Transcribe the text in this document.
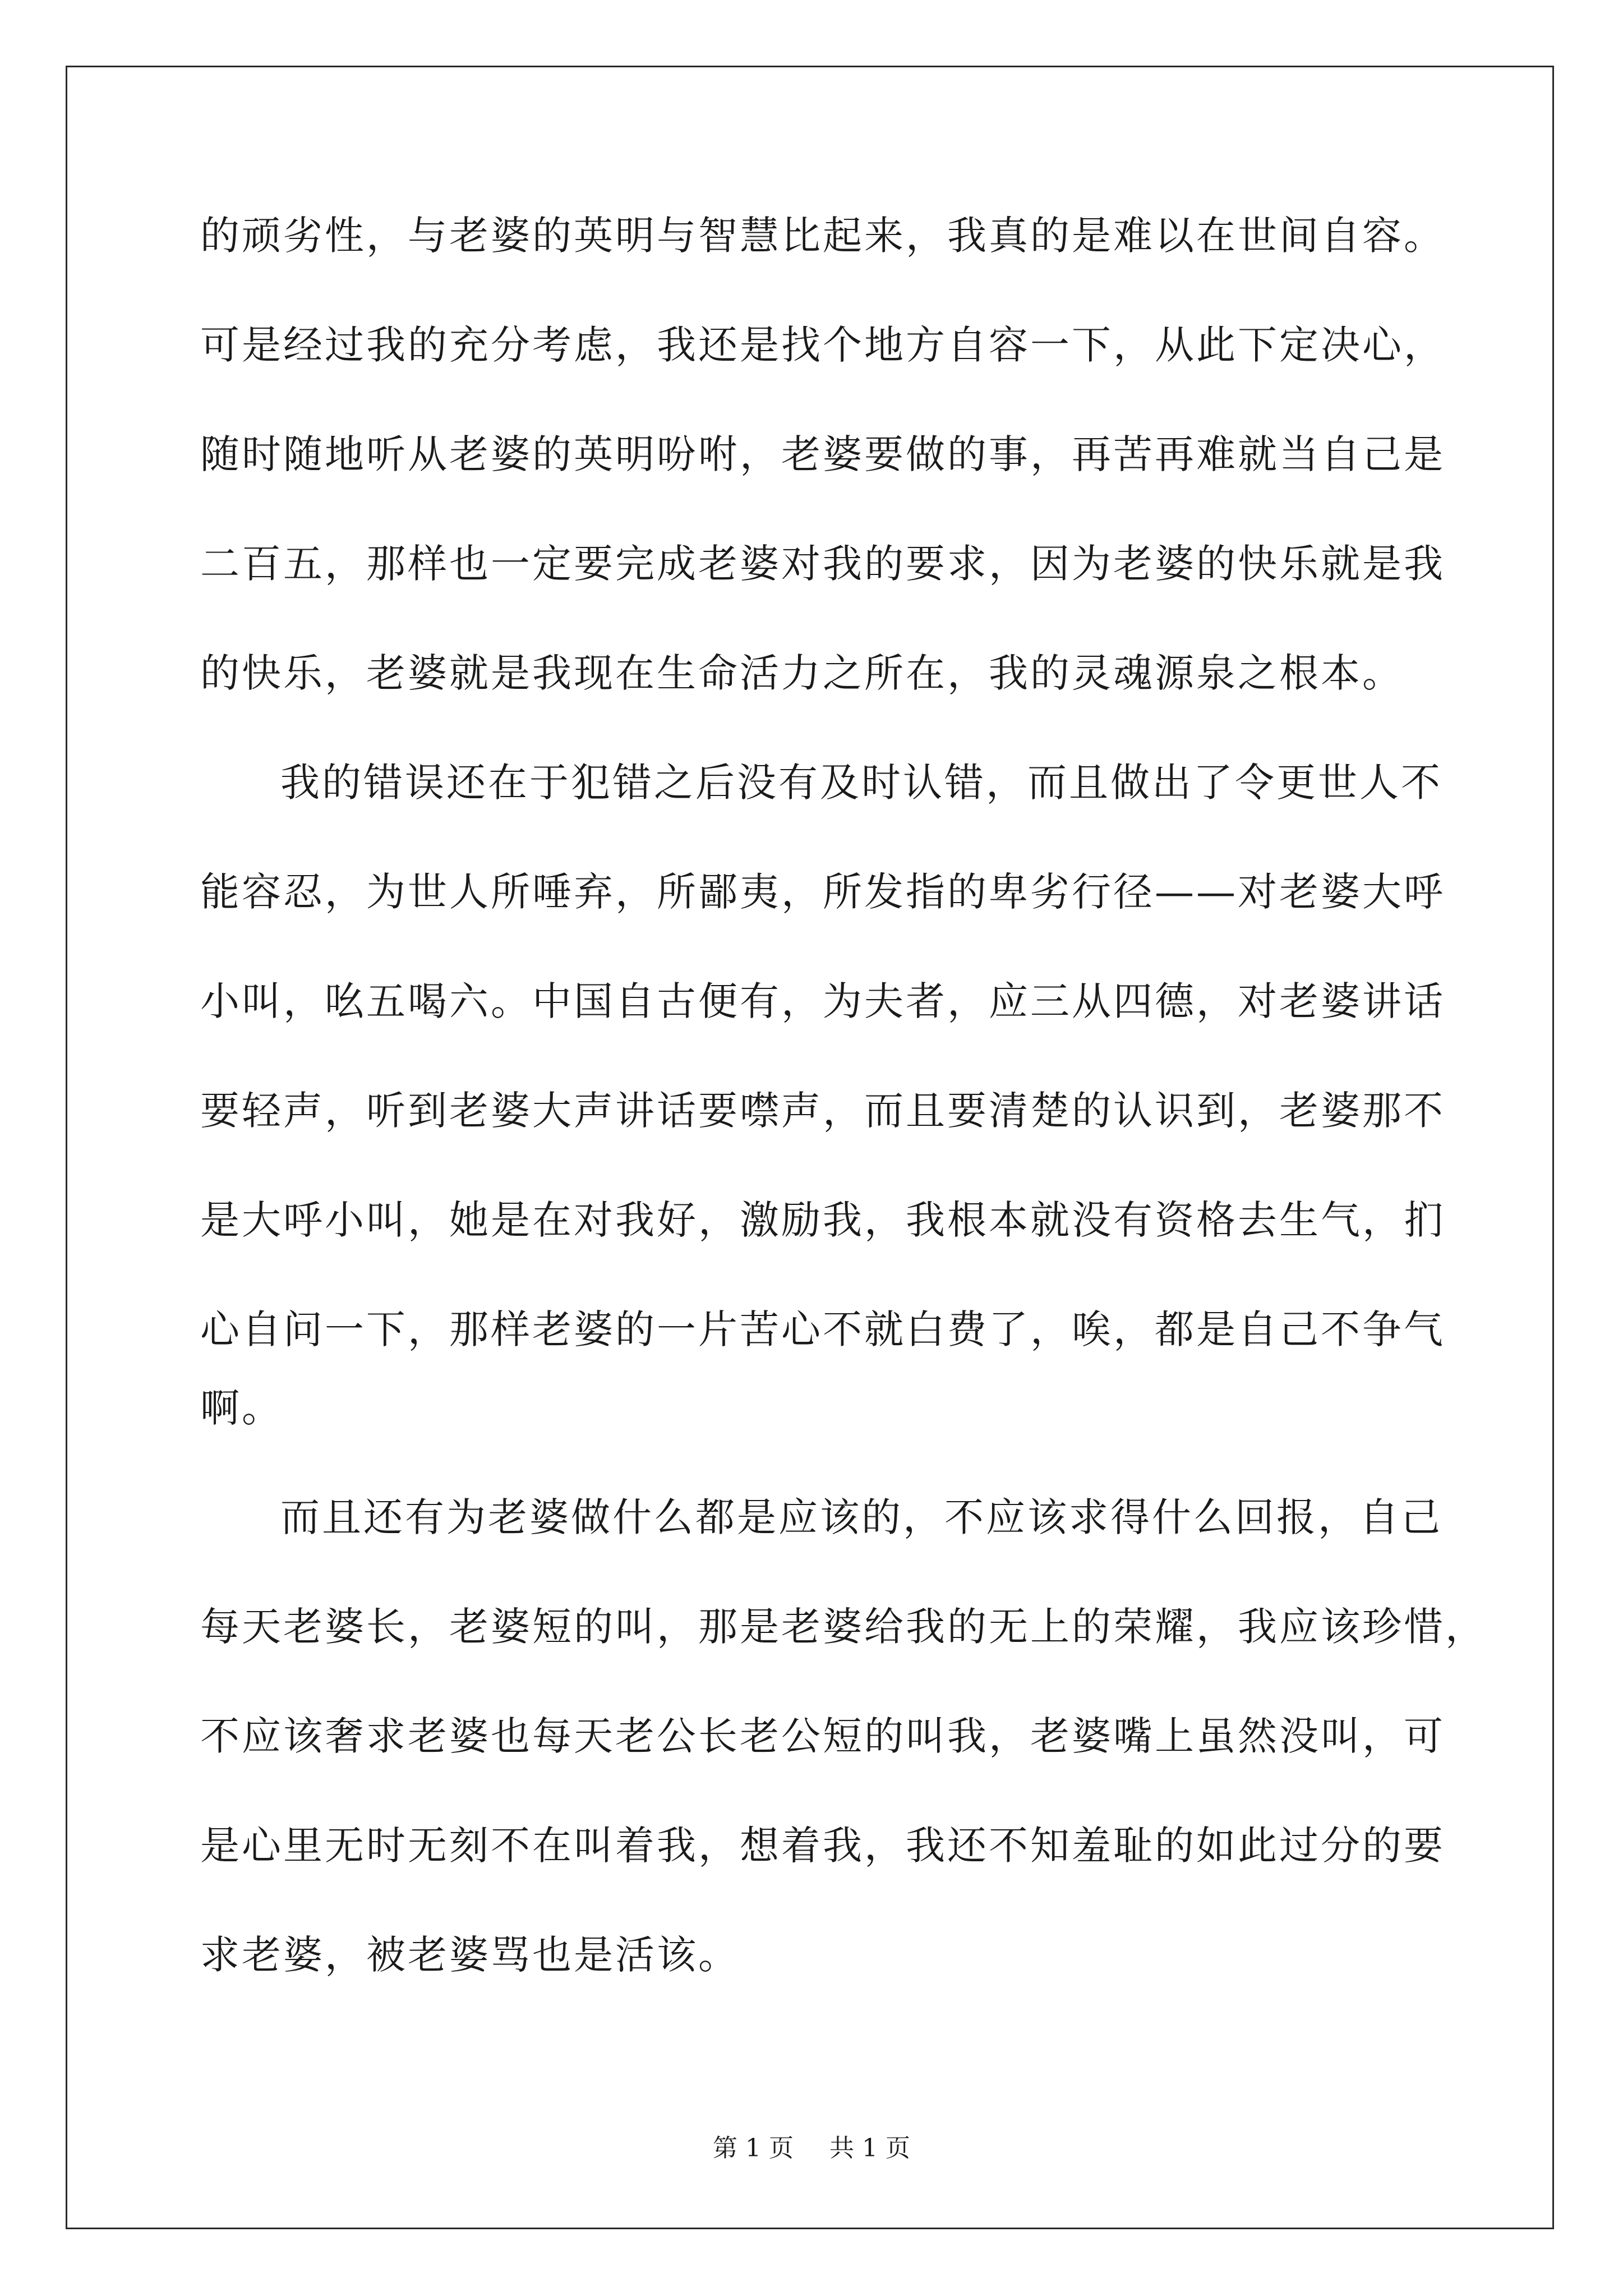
的顽劣性，与老婆的英明与智慧比起来，我真的是难以在世间自容。
可是经过我的充分考虑，我还是找个地方自容一下，从此下定决心，
随时随地听从老婆的英明吩咐，老婆要做的事，再苦再难就当自己是
二百五，那样也一定要完成老婆对我的要求，因为老婆的快乐就是我
的快乐，老婆就是我现在生命活力之所在，我的灵魂源泉之根本。
我的错误还在于犯错之后没有及时认错，而且做出了令更世人不
能容忍，为世人所唾弃，所鄙夷，所发指的卑劣行径——对老婆大呼
小叫，吆五喝六。中国自古便有，为夫者，应三从四德，对老婆讲话
要轻声，听到老婆大声讲话要噤声，而且要清楚的认识到，老婆那不
是大呼小叫，她是在对我好，激励我，我根本就没有资格去生气，扪
心自问一下，那样老婆的一片苦心不就白费了，唉，都是自己不争气
啊。
而且还有为老婆做什么都是应该的，不应该求得什么回报，自己
每天老婆长，老婆短的叫，那是老婆给我的无上的荣耀，我应该珍惜，
不应该奢求老婆也每天老公长老公短的叫我，老婆嘴上虽然没叫，可
是心里无时无刻不在叫着我，想着我，我还不知羞耻的如此过分的要
求老婆，被老婆骂也是活该。
第 1 页 共 1 页
